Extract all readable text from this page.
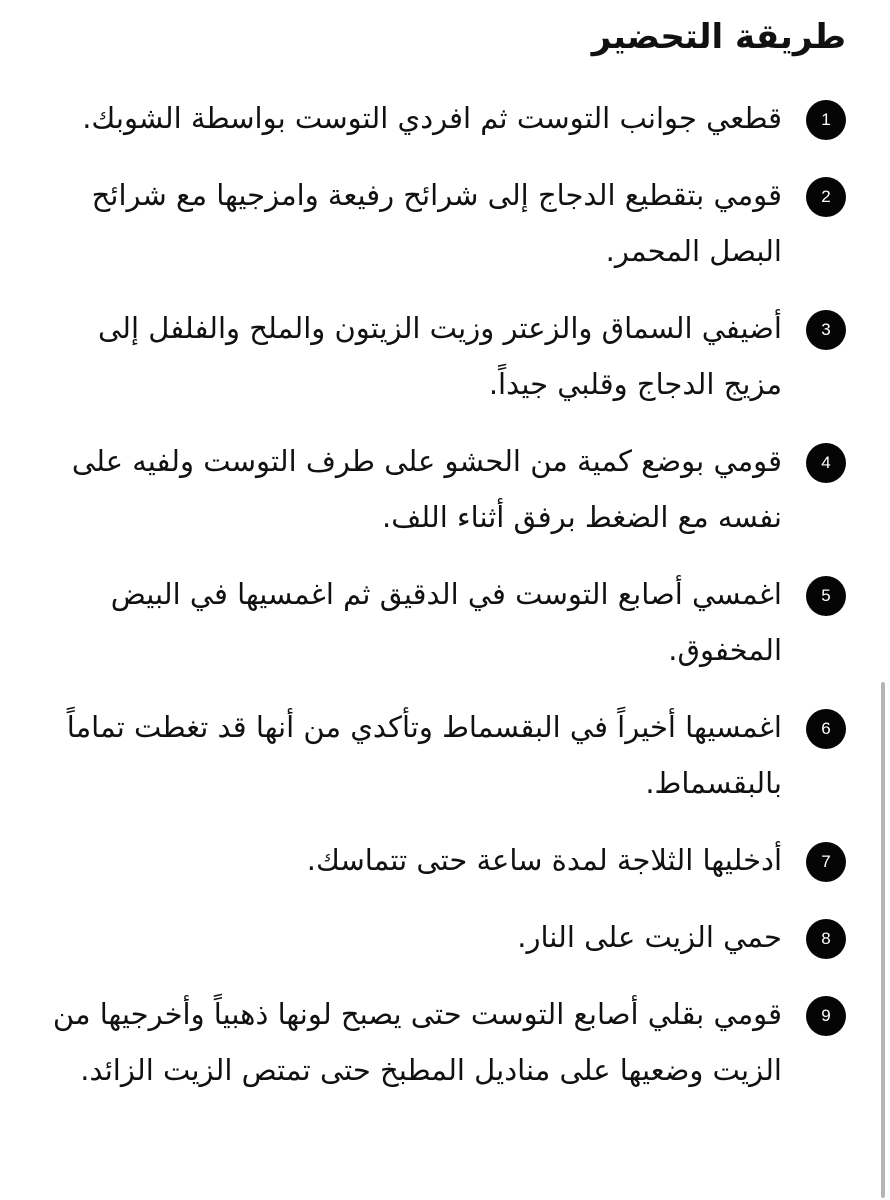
طريقة التحضير
1
قطعي جوانب التوست ثم افردي التوست بواسطة الشوبك.
2
قومي بتقطيع الدجاج إلى شرائح رفيعة وامزجيها مع شرائح البصل المحمر.
3
أضيفي السماق والزعتر وزيت الزيتون والملح والفلفل إلى مزيج الدجاج وقلبي جيداً.
4
قومي بوضع كمية من الحشو على طرف التوست ولفيه على نفسه مع الضغط برفق أثناء اللف.
5
اغمسي أصابع التوست في الدقيق ثم اغمسيها في البيض المخفوق.
6
اغمسيها أخيراً في البقسماط وتأكدي من أنها قد تغطت تماماً بالبقسماط.
7
أدخليها الثلاجة لمدة ساعة حتى تتماسك.
8
حمي الزيت على النار.
9
قومي بقلي أصابع التوست حتى يصبح لونها ذهبياً وأخرجيها من الزيت وضعيها على مناديل المطبخ حتى تمتص الزيت الزائد.
